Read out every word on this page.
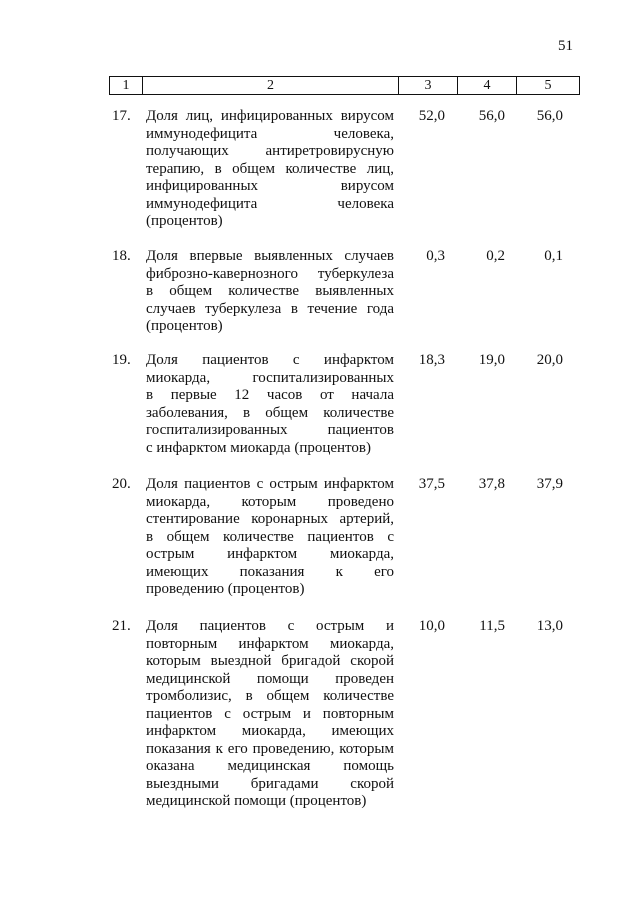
51
1	2	3	4	5
17. Доля лиц, инфицированных вирусом
иммунодефицита человека,
получающих антиретровирусную
терапию, в общем количестве лиц,
инфицированных вирусом
иммунодефицита человека
(процентов)
52,0	56,0	56,0
18. Доля впервые выявленных случаев
фиброзно-кавернозного туберкулеза
в общем количестве выявленных
случаев туберкулеза в течение года
(процентов)
0,3	0,2	0,1
19. Доля пациентов с инфарктом
миокарда, госпитализированных
в первые 12 часов от начала
заболевания, в общем количестве
госпитализированных пациентов
с инфарктом миокарда (процентов)
18,3	19,0	20,0
20. Доля пациентов с острым инфарктом
миокарда, которым проведено
стентирование коронарных артерий,
в общем количестве пациентов с
острым инфарктом миокарда,
имеющих показания к его
проведению (процентов)
37,5	37,8	37,9
21. Доля пациентов с острым и
повторным инфарктом миокарда,
которым выездной бригадой скорой
медицинской помощи проведен
тромболизис, в общем количестве
пациентов с острым и повторным
инфарктом миокарда, имеющих
показания к его проведению, которым
оказана медицинская помощь
выездными бригадами скорой
медицинской помощи (процентов)
10,0	11,5	13,0
